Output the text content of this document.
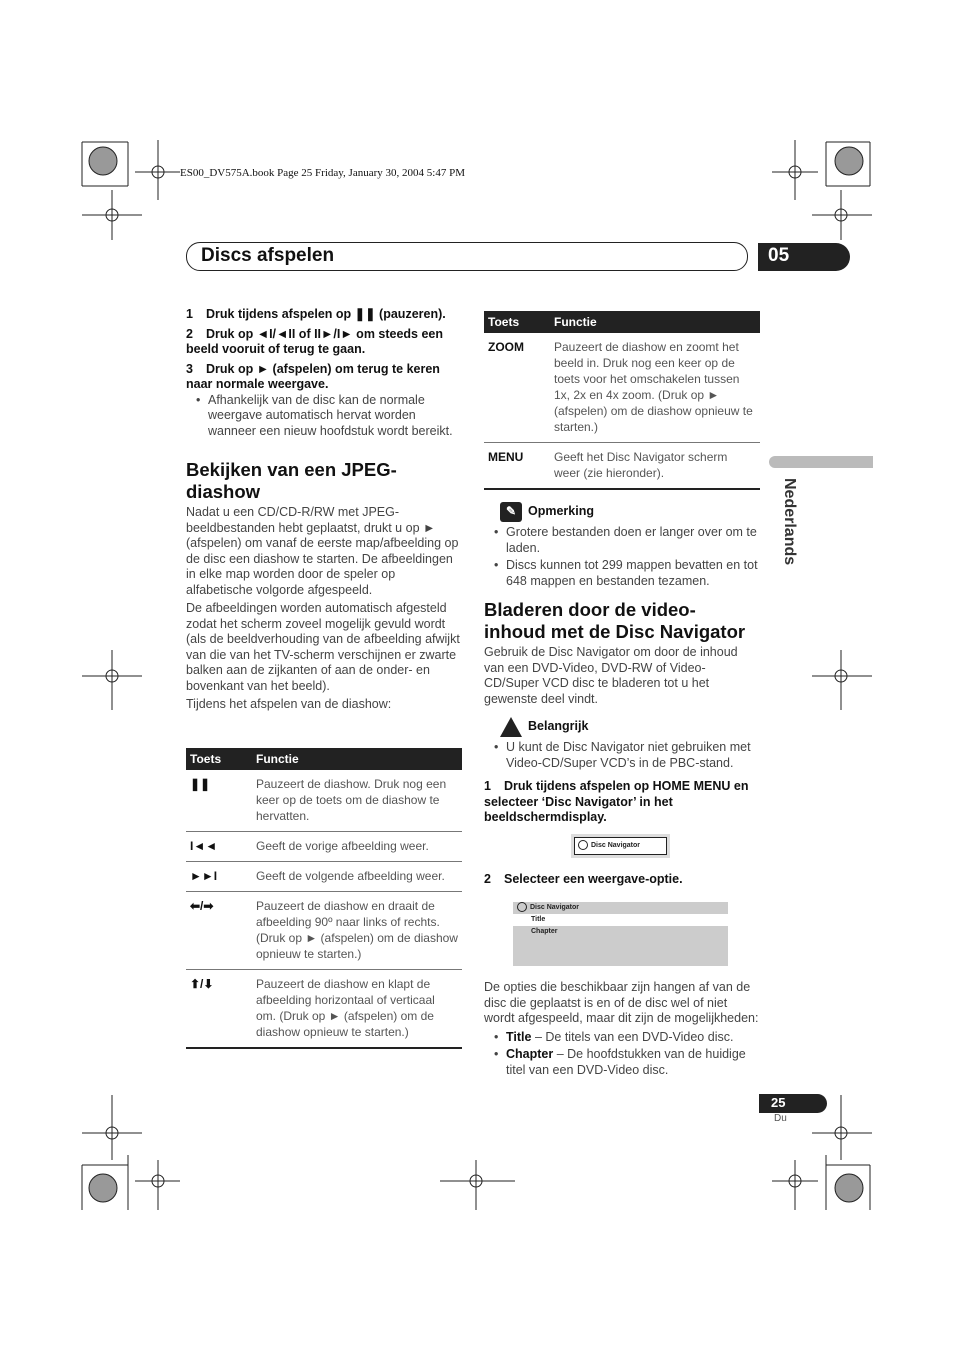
ES00_DV575A.book Page 25 Friday, January 30, 2004 5:47 PM
Discs afspelen	05
Nederlands
1 Druk tijdens afspelen op ❚❚ (pauzeren).
2 Druk op ◄I/◄II of II►/I► om steeds een beeld vooruit of terug te gaan.
3 Druk op ► (afspelen) om terug te keren naar normale weergave.
• Afhankelijk van de disc kan de normale weergave automatisch hervat worden wanneer een nieuw hoofdstuk wordt bereikt.
Bekijken van een JPEG-diashow

Nadat u een CD/CD-R/RW met JPEG-beeldbestanden hebt geplaatst, drukt u op ► (afspelen) om vanaf de eerste map/afbeelding op de disc een diashow te starten. De afbeeldingen in elke map worden door de speler op alfabetische volgorde afgespeeld.

De afbeeldingen worden automatisch afgesteld zodat het scherm zoveel mogelijk gevuld wordt (als de beeldverhouding van de afbeelding afwijkt van die van het TV-scherm verschijnen er zwarte balken aan de zijkanten of aan de onder- en bovenkant van het beeld).

Tijdens het afspelen van de diashow:

Toets	Functie
❚❚	Pauzeert de diashow. Druk nog een keer op de toets om de diashow te hervatten.
I◄◄	Geeft de vorige afbeelding weer.
►►I	Geeft de volgende afbeelding weer.
⬅/➡	Pauzeert de diashow en draait de afbeelding 90º naar links of rechts. (Druk op ► (afspelen) om de diashow opnieuw te starten.)
⬆/⬇	Pauzeert de diashow en klapt de afbeelding horizontaal of verticaal om. (Druk op ► (afspelen) om de diashow opnieuw te starten.)
Toets	Functie
ZOOM	Pauzeert de diashow en zoomt het beeld in. Druk nog een keer op de toets voor het omschakelen tussen 1x, 2x en 4x zoom. (Druk op ► (afspelen) om de diashow opnieuw te starten.)
MENU	Geeft het Disc Navigator scherm weer (zie hieronder).
✎ Opmerking
• Grotere bestanden doen er langer over om te laden.
• Discs kunnen tot 299 mappen bevatten en tot 648 mappen en bestanden tezamen.
Bladeren door de video-inhoud met de Disc Navigator

Gebruik de Disc Navigator om door de inhoud van een DVD-Video, DVD-RW of Video-CD/Super VCD disc te bladeren tot u het gewenste deel vindt.

Belangrijk
• U kunt de Disc Navigator niet gebruiken met Video-CD/Super VCD’s in de PBC-stand.
1 Druk tijdens afspelen op HOME MENU en selecteer ‘Disc Navigator’ in het beeldschermdisplay.
Disc Navigator
2 Selecteer een weergave-optie.
Disc Navigator
Title
Chapter

De opties die beschikbaar zijn hangen af van de disc die geplaatst is en of de disc wel of niet wordt afgespeeld, maar dit zijn de mogelijkheden:

• Title – De titels van een DVD-Video disc.
• Chapter – De hoofdstukken van de huidige titel van een DVD-Video disc.
25
Du
